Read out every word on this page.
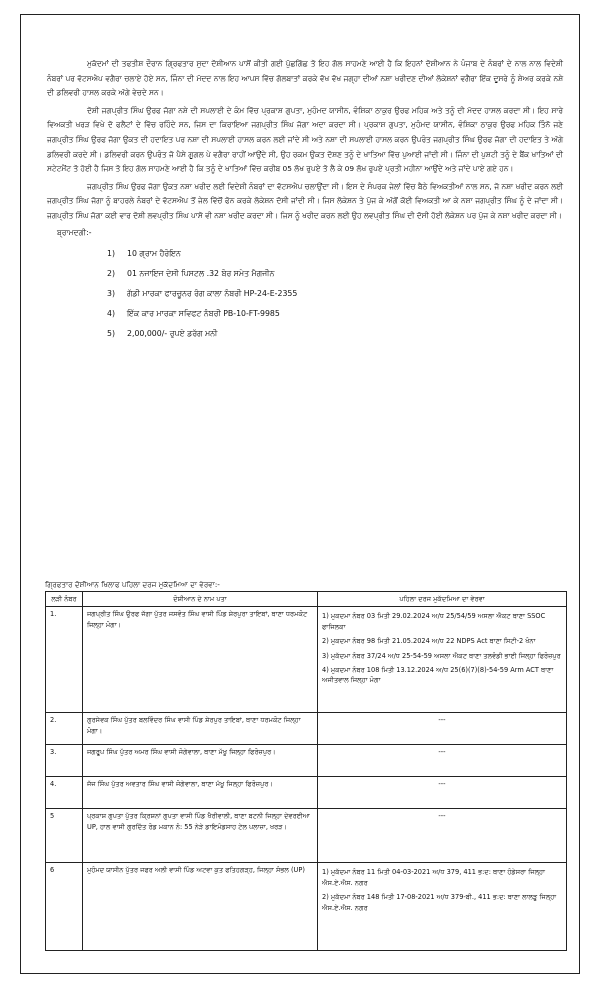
ਮੁਕੱਦਮਾਂ ਦੀ ਤਫਤੀਸ਼ ਦੌਰਾਨ ਗ੍ਰਿਫਤਾਰ ਸੁਦਾ ਦੋਸ਼ੀਆਨ ਪਾਸੋਂ ਕੀਤੀ ਗਈ ਪੁੱਛਗਿੱਛ ਤੋ ਇਹ ਗੱਲ ਸਾਹਮਣੇ ਆਈ ਹੈ ਕਿ ਇਹਨਾਂ ਦੋਸ਼ੀਆਨ ਨੇ ਪੰਜਾਬ ਦੇ ਨੰਬਰਾਂ ਦੇ ਨਾਲ ਨਾਲ ਵਿਦੇਸ਼ੀ ਨੰਬਰਾਂ ਪਰ ਵੱਟਸਐਪ ਵਗੈਰਾ ਚਲਾਏ ਹੋਏ ਸਨ, ਜਿੰਨਾ ਦੀ ਮੱਦਦ ਨਾਲ ਇਹ ਆਪਸ ਵਿੱਚ ਗੱਲਬਾਤਾਂ ਕਰਕੇ ਵੱਖ ਵੱਖ ਜਗ੍ਹਾ ਦੀਆਂ ਨਸ਼ਾ ਖਰੀਦਣ ਦੀਆਂ ਲੋਕੇਸ਼ਨਾਂ ਵਗੈਰਾ ਇੱਕ ਦੂਸਰੇ ਨੂੰ ਸ਼ੇਅਰ ਕਰਕੇ ਨਸ਼ੇ ਦੀ ਡਲਿਵਰੀ ਹਾਸਲ ਕਰਕੇ ਅੱਗੇ ਵੇਚਦੇ ਸਨ।

ਦੋਸ਼ੀ ਜਗਪ੍ਰੀਤ ਸਿੰਘ ਉਰਫ ਜੱਗਾ ਨਸ਼ੇ ਦੀ ਸਪਲਾਈ ਦੇ ਕੰਮ ਵਿੱਚ ਪ੍ਰਕਾਸ਼ ਗੁਪਤਾ, ਮੁਹੰਮਦ ਯਾਸੀਨ, ਵੰਸ਼ਿਕਾ ਠਾਕੁਰ ਉਰਫ ਮਹਿਕ ਅਤੇ ਤਨੂੰ ਦੀ ਮੱਦਦ ਹਾਸਲ ਕਰਦਾ ਸੀ। ਇਹ ਸਾਰੇ ਵਿਅਕਤੀ ਖਰੜ ਵਿਖੇ ਦੋ ਫਲੈਟਾਂ ਦੇ ਵਿੱਚ ਰਹਿੰਦੇ ਸਨ, ਜਿਸ ਦਾ ਕਿਰਾਇਆ ਜਗਪ੍ਰੀਤ ਸਿੰਘ ਜੱਗਾ ਅਦਾ ਕਰਦਾ ਸੀ। ਪ੍ਰਕਾਸ਼ ਗੁਪਤਾ, ਮੁਹੰਮਦ ਯਾਸੀਨ, ਵੰਸ਼ਿਕਾ ਠਾਕੁਰ ਉਰਫ ਮਹਿਕ ਤਿੰਨੋ ਜਣੇ ਜਗਪ੍ਰੀਤ ਸਿੰਘ ਉਰਫ ਜੱਗਾ ਉਕਤ ਦੀ ਹਦਾਇਤ ਪਰ ਨਸ਼ਾ ਦੀ ਸਪਲਾਈ ਹਾਸਲ ਕਰਨ ਲਈ ਜਾਂਦੇ ਸੀ ਅਤੇ ਨਸ਼ਾ ਦੀ ਸਪਲਾਈ ਹਾਸਲ ਕਰਨ ਉਪਰੰਤ ਜਗਪ੍ਰੀਤ ਸਿੰਘ ਉਰਫ ਜੱਗਾ ਦੀ ਹਦਾਇਤ ਤੇ ਅੱਗੇ ਡਲਿਵਰੀ ਕਰਦੇ ਸੀ। ਡਲਿਵਰੀ ਕਰਨ ਉਪਰੰਤ ਜੋ ਪੈਸੇ ਗੂਗਲ ਪੇ ਵਗੈਰਾ ਰਾਹੀਂ ਆਉਂਦੇ ਸੀ, ਉਹ ਰਕਮ ਉਕਤ ਦੋਸ਼ਣ ਤਨੂੰ ਦੇ ਖਾਤਿਆ ਵਿੱਚ ਪੁਆਈ ਜਾਂਦੀ ਸੀ। ਜਿੰਨਾ ਦੀ ਪੁਸ਼ਟੀ ਤਨੂੰ ਦੇ ਬੈਂਕ ਖਾਤਿਆਂ ਦੀ ਸਟੇਟਮੈਂਟ ਤੋ ਹੋਈ ਹੈ ਜਿਸ ਤੋ ਇਹ ਗੱਲ ਸਾਹਮਣੇ ਆਈ ਹੈ ਕਿ ਤਨੂੰ ਦੇ ਖਾਤਿਆਂ ਵਿੱਚ ਕਰੀਬ 05 ਲੱਖ ਰੁਪਏ ਤੋ ਲੈ ਕੇ 09 ਲੱਖ ਰੁਪਏ ਪ੍ਰਤੀ ਮਹੀਨਾ ਆਉਂਦੇ ਅਤੇ ਜਾਂਦੇ ਪਾਏ ਗਏ ਹਨ।

ਜਗਪ੍ਰੀਤ ਸਿੰਘ ਉਰਫ ਜੱਗਾ ਉਕਤ ਨਸ਼ਾ ਖਰੀਦ ਲਈ ਵਿਦੇਸ਼ੀ ਨੰਬਰਾਂ ਦਾ ਵੱਟਸਐਪ ਚਲਾਉਂਦਾ ਸੀ। ਇਸ ਦੇ ਸੰਪਰਕ ਜੇਲਾਂ ਵਿੱਚ ਬੈਠੇ ਵਿਅਕਤੀਆਂ ਨਾਲ ਸਨ, ਜੋ ਨਸ਼ਾ ਖਰੀਦ ਕਰਨ ਲਈ ਜਗਪ੍ਰੀਤ ਸਿੰਘ ਜੱਗਾ ਨੂੰ ਬਾਹਰਲੇ ਨੰਬਰਾਂ ਦੇ ਵੱਟਸਐਪ ਤੋਂ ਜੇਲ ਵਿੱਚੋਂ ਫੋਨ ਕਰਕੇ ਲੋਕੇਸ਼ਨ ਦੱਸੀ ਜਾਂਦੀ ਸੀ। ਜਿਸ ਲੋਕੇਸ਼ਨ ਤੇ ਪੁੱਜ ਕੇ ਅੱਗੋਂ ਕੋਈ ਵਿਅਕਤੀ ਆ ਕੇ ਨਸ਼ਾ ਜਗਪ੍ਰੀਤ ਸਿੰਘ ਨੂੰ ਦੇ ਜਾਂਦਾ ਸੀ। ਜਗਪ੍ਰੀਤ ਸਿੰਘ ਜੱਗਾ ਕਈ ਵਾਰ ਦੋਸ਼ੀ ਲਵਪ੍ਰੀਤ ਸਿੰਘ ਪਾਸੋ ਵੀ ਨਸ਼ਾ ਖਰੀਦ ਕਰਦਾ ਸੀ। ਜਿਸ ਨੂੰ ਖਰੀਦ ਕਰਨ ਲਈ ਉਹ ਲਵਪ੍ਰੀਤ ਸਿੰਘ ਦੀ ਦੱਸੀ ਹੋਈ ਲੋਕੇਸ਼ਨ ਪਰ ਪੁੱਜ ਕੇ ਨਸ਼ਾ ਖਰੀਦ ਕਰਦਾ ਸੀ।

ਬ੍ਰਾਮਦਗੀ:-
1) 10 ਗ੍ਰਾਮ ਹੈਰੋਇਨ
2) 01 ਨਜਾਇਜ ਦੇਸੀ ਪਿਸਟਲ .32 ਬੋਰ ਸਮੇਤ ਮੈਗਜੀਨ
3) ਗੱਡੀ ਮਾਰਕਾ ਫਾਰਚੂਨਰ ਰੰਗ ਕਾਲਾ ਨੰਬਰੀ HP-24-E-2355
4) ਇੱਕ ਕਾਰ ਮਾਰਕਾ ਸਵਿਫਟ ਨੰਬਰੀ PB-10-FT-9985
5) 2,00,000/- ਰੁਪਏ ਡਰੱਗ ਮਨੀ
ਗ੍ਰਿਫਤਾਰ ਦੋਸ਼ੀਆਨ ਖਿਲਾਫ ਪਹਿਲਾ ਦਰਜ ਮੁਕੱਦਮਿਆ ਦਾ ਵੇਰਵਾ:-
ਲੜੀ ਨੰਬਰ	ਦੋਸ਼ੀਆਨ ਦੇ ਨਾਮ ਪਤਾ	ਪਹਿਲਾ ਦਰਜ ਮੁਕੱਦਮਿਆ ਦਾ ਵੇਰਵਾ
1.	ਜਗਪ੍ਰੀਤ ਸਿੰਘ ਉਰਫ ਜੱਗਾ ਪੁੱਤਰ ਜਸਵੰਤ ਸਿੰਘ ਵਾਸੀ ਪਿੰਡ ਸ਼ੇਰਪੁਰਾ ਤਾਇਬਾਂ, ਥਾਣਾ ਧਰਮਕੋਟ ਜਿਲ੍ਹਾ ਮੋਗਾ।	1) ਮੁਕਦਮਾ ਨੰਬਰ 03 ਮਿਤੀ 29.02.2024 ਅ/ਧ 25/54/59 ਅਸਲਾ ਐਕਟ ਥਾਣਾ SSOC ਫਾਜਿਲਕਾ
2) ਮੁਕਦਮਾ ਨੰਬਰ 98 ਮਿਤੀ 21.05.2024 ਅ/ਧ 22 NDPS Act ਥਾਣਾ ਸਿਟੀ-2 ਖੰਨਾ
3) ਮੁਕੱਦਮਾ ਨੰਬਰ 37/24 ਅ/ਧ 25-54-59 ਅਸਲਾ ਐਕਟ ਥਾਣਾ ਤਲਵੰਡੀ ਭਾਈ ਜਿਲ੍ਹਾ ਫਿਰੋਜ਼ਪੁਰ
4) ਮੁਕਦਮਾ ਨੰਬਰ 108 ਮਿਤੀ 13.12.2024 ਅ/ਧ 25(6)(7)(8)-54-59 Arm ACT ਥਾਣਾ ਅਜੀਤਵਾਲ ਜਿਲ੍ਹਾ ਮੋਗਾ

2.	ਗੁਰਸੇਵਕ ਸਿੰਘ ਪੁੱਤਰ ਬਲਵਿੰਦਰ ਸਿੰਘ ਵਾਸੀ ਪਿੰਡ ਸ਼ੇਰਪੁਰ ਤਾਇਬਾਂ, ਥਾਣਾ ਧਰਮਕੋਟ ਜਿਲ੍ਹਾ ਮੋਗਾ।	---
3.	ਜਗਰੂਪ ਸਿੰਘ ਪੁੱਤਰ ਅਮਰ ਸਿੰਘ ਵਾਸੀ ਜੋਗੇਵਾਲਾ, ਥਾਣਾ ਮੱਖੂ ਜਿਲ੍ਹਾ ਫਿਰੋਜ਼ਪੁਰ।	---
4.	ਜੱਜ ਸਿੰਘ ਪੁੱਤਰ ਅਵਤਾਰ ਸਿੰਘ ਵਾਸੀ ਜੋਗੇਵਾਲਾ, ਥਾਣਾ ਮੱਖੂ ਜਿਲ੍ਹਾ ਫਿਰੋਜ਼ਪੁਰ।	---
5	ਪ੍ਰਕਾਸ਼ ਗੁਪਤਾ ਪੁੱਤਰ ਕ੍ਰਿਸ਼ਨਾਂ ਗੁਪਤਾ ਵਾਸੀ ਪਿੰਡ ਖੈਰੀਵਾਲੀ, ਥਾਣਾ ਬਟਨੀ ਜਿਲ੍ਹਾ ਦੇਵਰਈਆ UP, ਹਾਲ ਵਾਸੀ ਗੁਰਦਿੱਤ ਰੋਡ ਮਕਾਨ ਨੰ: 55 ਨੇੜੇ ਡਾਇਮੰਡਸਾਹ ਟੇਲ ਪਲਾਜ਼ਾ, ਖਰੜ।	---
6	ਮੁਹੰਮਦ ਯਾਸੀਨ ਪੁੱਤਰ ਜਫਰ ਅਲੀ ਵਾਸੀ ਪਿੰਡ ਅਟਵਾ ਕੁਤ ਫਤਿਹਗੜ੍ਹ, ਜਿਲ੍ਹਾ ਸੰਭਲ (UP)	1) ਮੁਕੱਦਮਾ ਨੰਬਰ 11 ਮਿਤੀ 04-03-2021 ਅ/ਧ 379, 411 ਭ:ਦ: ਥਾਣਾ ਹੰਡੇਸਰਾ ਜਿਲ੍ਹਾ ਐਸ.ਏ.ਐਸ. ਨਗਰ
2) ਮੁਕੱਦਮਾ ਨੰਬਰ 148 ਮਿਤੀ 17-08-2021 ਅ/ਧ 379-ਬੀ., 411 ਭ:ਦ: ਥਾਣਾ ਲਾਲੜੂ ਜਿਲ੍ਹਾ ਐਸ.ਏ.ਐਸ. ਨਗਰ
